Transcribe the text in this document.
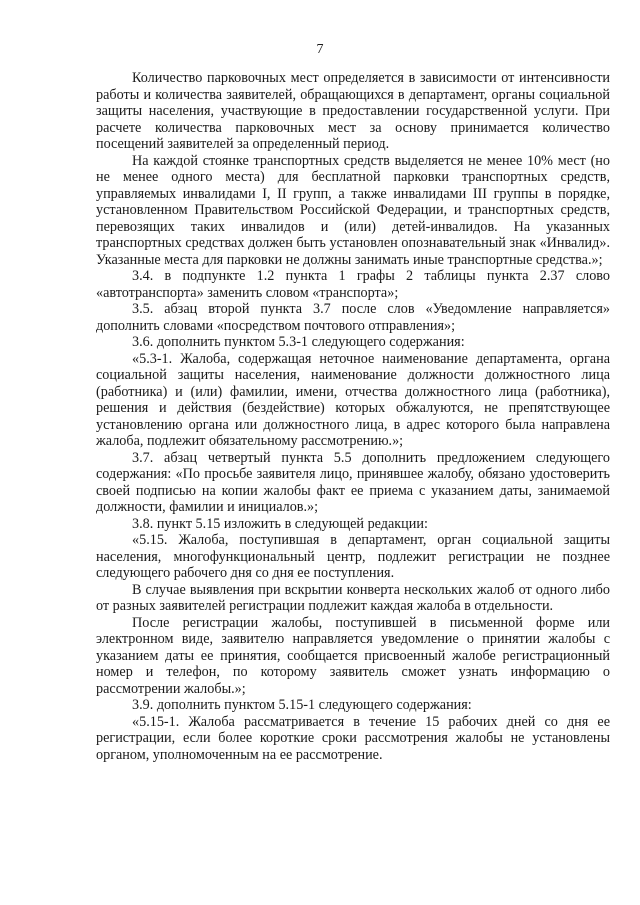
7

Количество парковочных мест определяется в зависимости от интенсивности работы и количества заявителей, обращающихся в департамент, органы социальной защиты населения, участвующие в предоставлении государственной услуги. При расчете количества парковочных мест за основу принимается количество посещений заявителей за определенный период.

На каждой стоянке транспортных средств выделяется не менее 10% мест (но не менее одного места) для бесплатной парковки транспортных средств, управляемых инвалидами I, II групп, а также инвалидами III группы в порядке, установленном Правительством Российской Федерации, и транспортных средств, перевозящих таких инвалидов и (или) детей-инвалидов. На указанных транспортных средствах должен быть установлен опознавательный знак «Инвалид». Указанные места для парковки не должны занимать иные транспортные средства.»;

3.4. в подпункте 1.2 пункта 1 графы 2 таблицы пункта 2.37 слово «автотранспорта» заменить словом «транспорта»;

3.5. абзац второй пункта 3.7 после слов «Уведомление направляется» дополнить словами «посредством почтового отправления»;

3.6. дополнить пунктом 5.3-1 следующего содержания:

«5.3-1. Жалоба, содержащая неточное наименование департамента, органа социальной защиты населения, наименование должности должностного лица (работника) и (или) фамилии, имени, отчества должностного лица (работника), решения и действия (бездействие) которых обжалуются, не препятствующее установлению органа или должностного лица, в адрес которого была направлена жалоба, подлежит обязательному рассмотрению.»;

3.7. абзац четвертый пункта 5.5 дополнить предложением следующего содержания: «По просьбе заявителя лицо, принявшее жалобу, обязано удостоверить своей подписью на копии жалобы факт ее приема с указанием даты, занимаемой должности, фамилии и инициалов.»;

3.8. пункт 5.15 изложить в следующей редакции:

«5.15. Жалоба, поступившая в департамент, орган социальной защиты населения, многофункциональный центр, подлежит регистрации не позднее следующего рабочего дня со дня ее поступления.

В случае выявления при вскрытии конверта нескольких жалоб от одного либо от разных заявителей регистрации подлежит каждая жалоба в отдельности.

После регистрации жалобы, поступившей в письменной форме или электронном виде, заявителю направляется уведомление о принятии жалобы с указанием даты ее принятия, сообщается присвоенный жалобе регистрационный номер и телефон, по которому заявитель сможет узнать информацию о рассмотрении жалобы.»;

3.9. дополнить пунктом 5.15-1 следующего содержания:

«5.15-1. Жалоба рассматривается в течение 15 рабочих дней со дня ее регистрации, если более короткие сроки рассмотрения жалобы не установлены органом, уполномоченным на ее рассмотрение.
